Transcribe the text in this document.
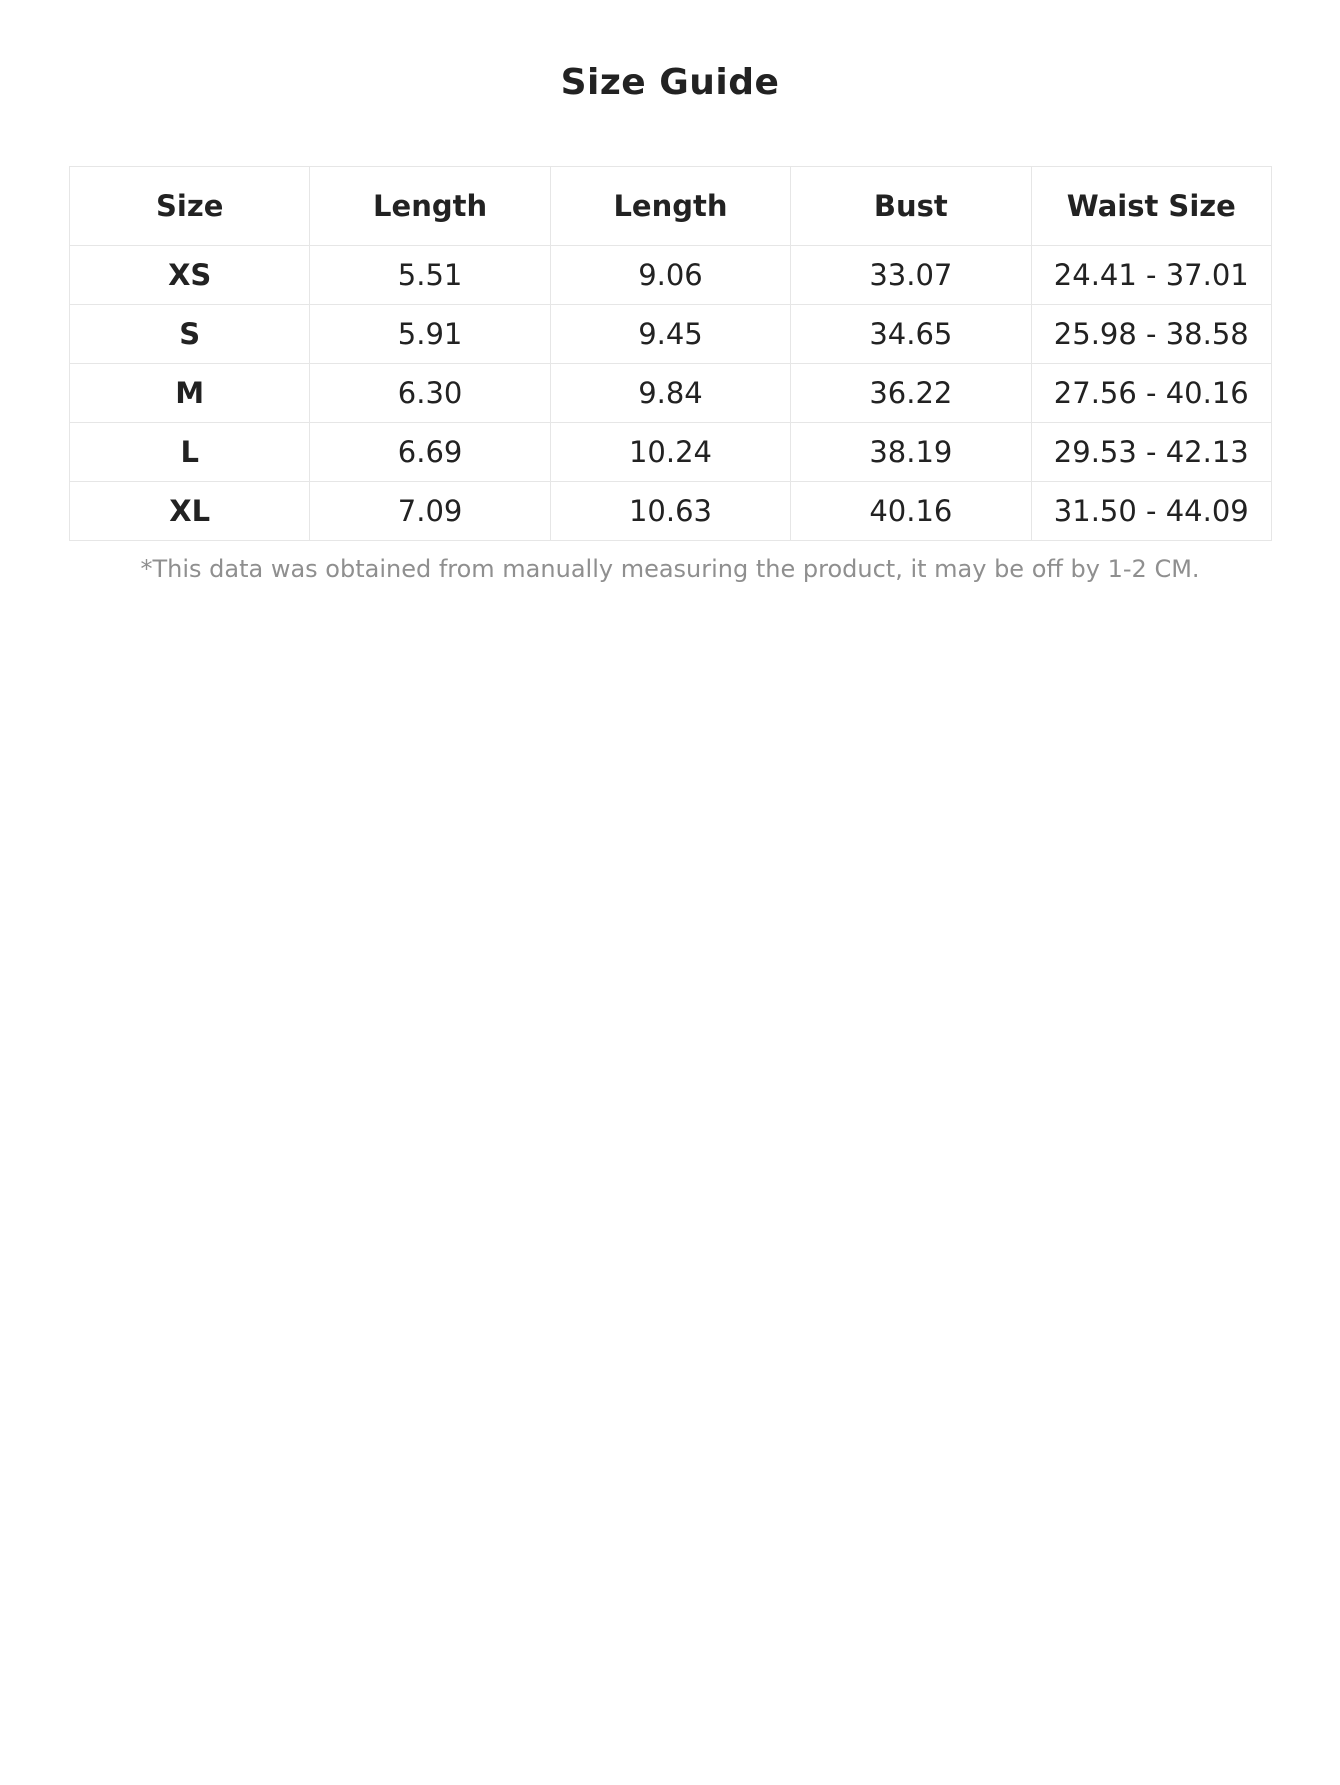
Size Guide
Size	Length	Length	Bust	Waist Size
XS	5.51	9.06	33.07	24.41 - 37.01
S	5.91	9.45	34.65	25.98 - 38.58
M	6.30	9.84	36.22	27.56 - 40.16
L	6.69	10.24	38.19	29.53 - 42.13
XL	7.09	10.63	40.16	31.50 - 44.09

*This data was obtained from manually measuring the product, it may be off by 1-2 CM.
